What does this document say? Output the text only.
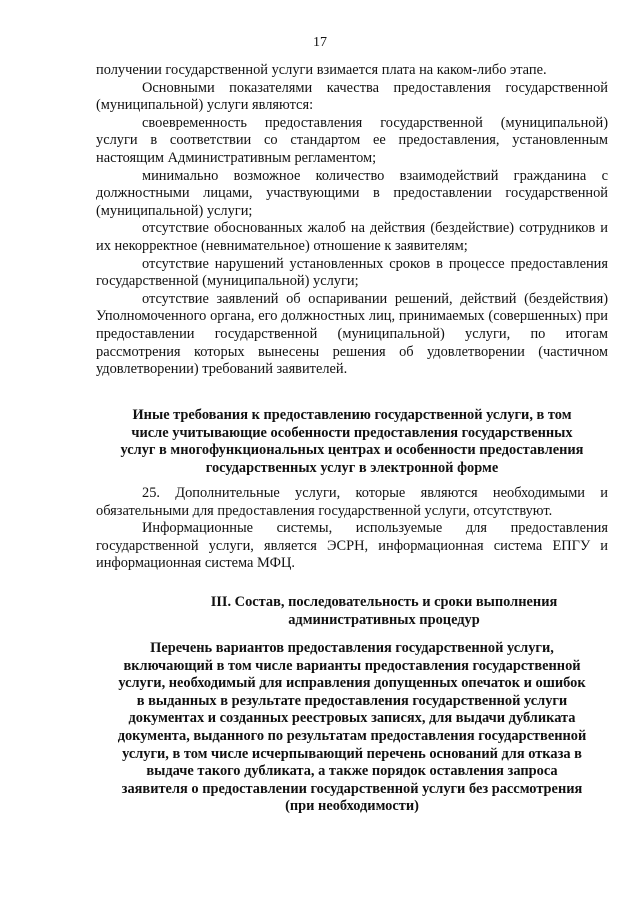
17

получении государственной услуги взимается плата на каком-либо этапе.

Основными показателями качества предоставления государственной (муниципальной) услуги являются:

своевременность предоставления государственной (муниципальной) услуги в соответствии со стандартом ее предоставления, установленным настоящим Административным регламентом;

минимально возможное количество взаимодействий гражданина с должностными лицами, участвующими в предоставлении государственной (муниципальной) услуги;

отсутствие обоснованных жалоб на действия (бездействие) сотрудников и их некорректное (невнимательное) отношение к заявителям;

отсутствие нарушений установленных сроков в процессе предоставления государственной (муниципальной) услуги;

отсутствие заявлений об оспаривании решений, действий (бездействия) Уполномоченного органа, его должностных лиц, принимаемых (совершенных) при предоставлении государственной (муниципальной) услуги, по итогам рассмотрения которых вынесены решения об удовлетворении (частичном удовлетворении) требований заявителей.

Иные требования к предоставлению государственной услуги, в том

числе учитывающие особенности предоставления государственных

услуг в многофункциональных центрах и особенности предоставления

государственных услуг в электронной форме

25. Дополнительные услуги, которые являются необходимыми и обязательными для предоставления государственной услуги, отсутствуют.

Информационные системы, используемые для предоставления государственной услуги, является ЭСРН, информационная система ЕПГУ и информационная система МФЦ.

III. Состав, последовательность и сроки выполнения

административных процедур

Перечень вариантов предоставления государственной услуги,

включающий в том числе варианты предоставления государственной

услуги, необходимый для исправления допущенных опечаток и ошибок

в выданных в результате предоставления государственной услуги

документах и созданных реестровых записях, для выдачи дубликата

документа, выданного по результатам предоставления государственной

услуги, в том числе исчерпывающий перечень оснований для отказа в

выдаче такого дубликата, а также порядок оставления запроса

заявителя о предоставлении государственной услуги без рассмотрения

(при необходимости)
